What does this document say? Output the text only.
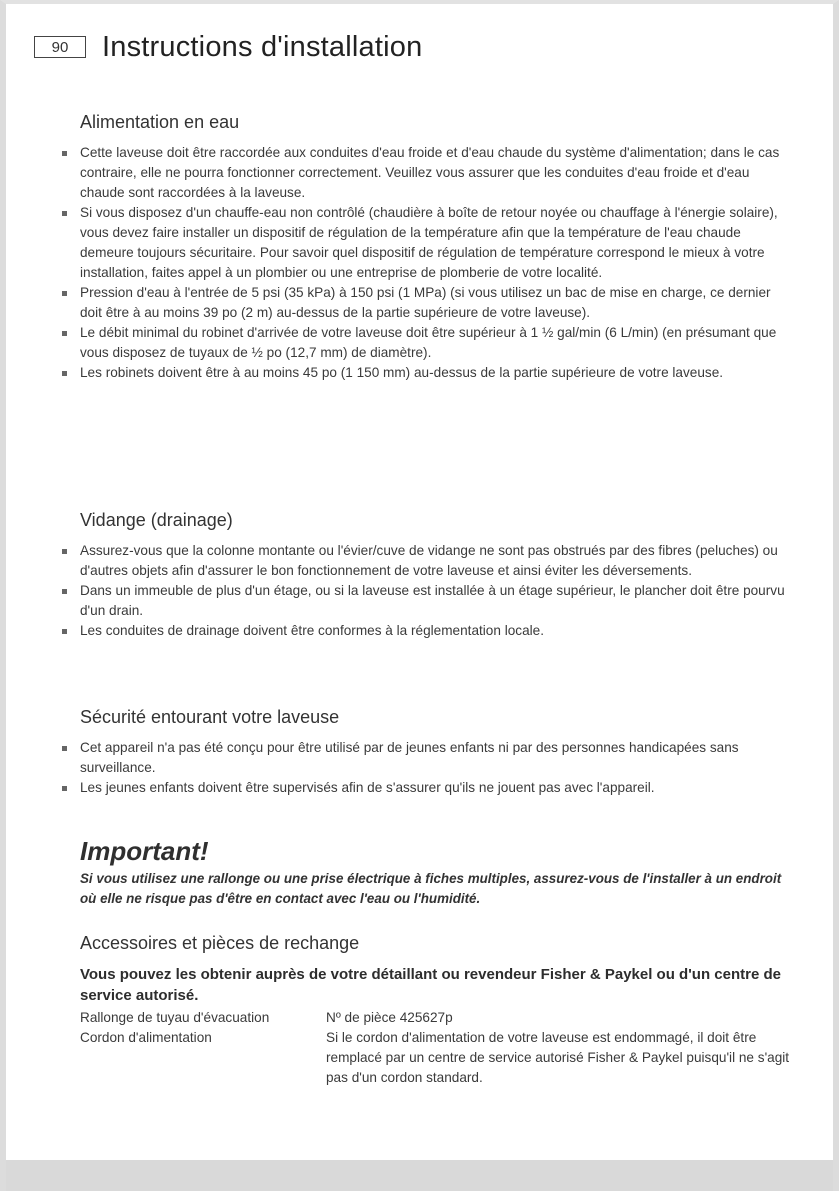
90	Instructions d'installation
Alimentation en eau
Cette laveuse doit être raccordée aux conduites d'eau froide et d'eau chaude du système d'alimentation; dans le cas contraire, elle ne pourra fonctionner correctement. Veuillez vous assurer que les conduites d'eau froide et d'eau chaude sont raccordées à la laveuse.
Si vous disposez d'un chauffe-eau non contrôlé (chaudière à boîte de retour noyée ou chauffage à l'énergie solaire), vous devez faire installer un dispositif de régulation de la température afin que la température de l'eau chaude demeure toujours sécuritaire. Pour savoir quel dispositif de régulation de température correspond le mieux à votre installation, faites appel à un plombier ou une entreprise de plomberie de votre localité.
Pression d'eau à l'entrée de 5 psi (35 kPa) à 150 psi (1 MPa) (si vous utilisez un bac de mise en charge, ce dernier doit être à au moins 39 po (2 m) au-dessus de la partie supérieure de votre laveuse).
Le débit minimal du robinet d'arrivée de votre laveuse doit être supérieur à 1 ½ gal/min (6 L/min) (en présumant que vous disposez de tuyaux de ½ po (12,7 mm) de diamètre).
Les robinets doivent être à au moins 45 po (1 150 mm) au-dessus de la partie supérieure de votre laveuse.
Vidange (drainage)
Assurez-vous que la colonne montante ou l'évier/cuve de vidange ne sont pas obstrués par des fibres (peluches) ou d'autres objets afin d'assurer le bon fonctionnement de votre laveuse et ainsi éviter les déversements.
Dans un immeuble de plus d'un étage, ou si la laveuse est installée à un étage supérieur, le plancher doit être pourvu d'un drain.
Les conduites de drainage doivent être conformes à la réglementation locale.
Sécurité entourant votre laveuse
Cet appareil n'a pas été conçu pour être utilisé par de jeunes enfants ni par des personnes handicapées sans surveillance.
Les jeunes enfants doivent être supervisés afin de s'assurer qu'ils ne jouent pas avec l'appareil.
Important!
Si vous utilisez une rallonge ou une prise électrique à fiches multiples, assurez-vous de l'installer à un endroit où elle ne risque pas d'être en contact avec l'eau ou l'humidité.
Accessoires et pièces de rechange
Vous pouvez les obtenir auprès de votre détaillant ou revendeur Fisher & Paykel ou d'un centre de service autorisé.
Rallonge de tuyau d'évacuation	Nº de pièce 425627p
Cordon d'alimentation	Si le cordon d'alimentation de votre laveuse est endommagé, il doit être remplacé par un centre de service autorisé Fisher & Paykel puisqu'il ne s'agit pas d'un cordon standard.
